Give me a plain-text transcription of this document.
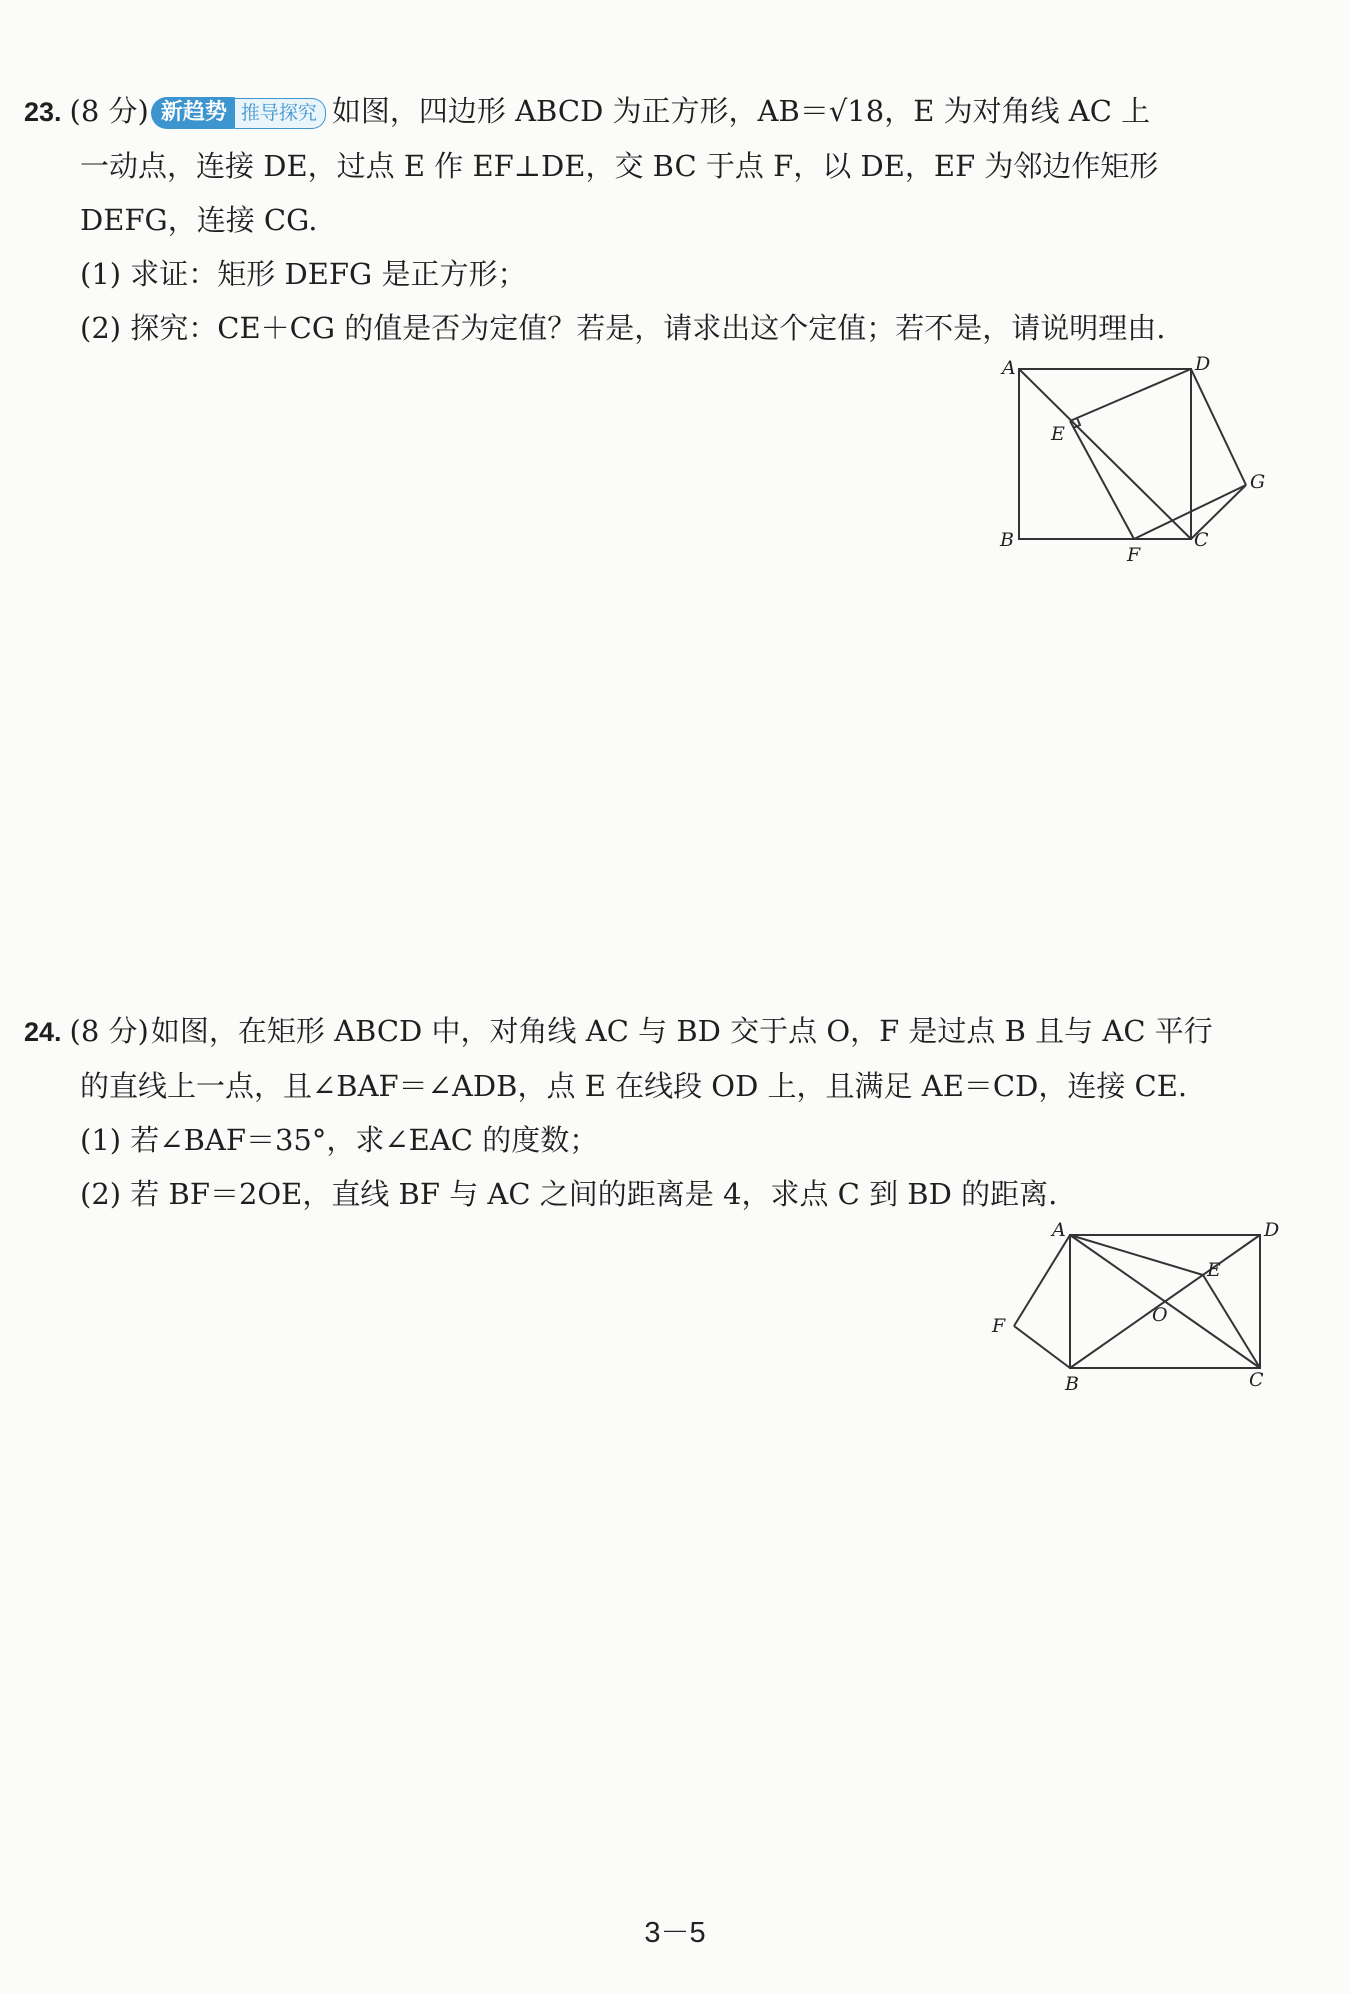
23. (8 分) 新趋势 推导探究 如图，四边形 ABCD 为正方形，AB＝√18，E 为对角线 AC 上
一动点，连接 DE，过点 E 作 EF⊥DE，交 BC 于点 F，以 DE，EF 为邻边作矩形
DEFG，连接 CG.
(1) 求证：矩形 DEFG 是正方形；
(2) 探究：CE＋CG 的值是否为定值？若是，请求出这个定值；若不是，请说明理由.
A	D
B	C
E
G
F
24. (8 分)如图，在矩形 ABCD 中，对角线 AC 与 BD 交于点 O，F 是过点 B 且与 AC 平行
的直线上一点，且∠BAF＝∠ADB，点 E 在线段 OD 上，且满足 AE＝CD，连接 CE.
(1) 若∠BAF＝35°，求∠EAC 的度数；
(2) 若 BF＝2OE，直线 BF 与 AC 之间的距离是 4，求点 C 到 BD 的距离.
A	D
E
O
F
B	C
3－5
